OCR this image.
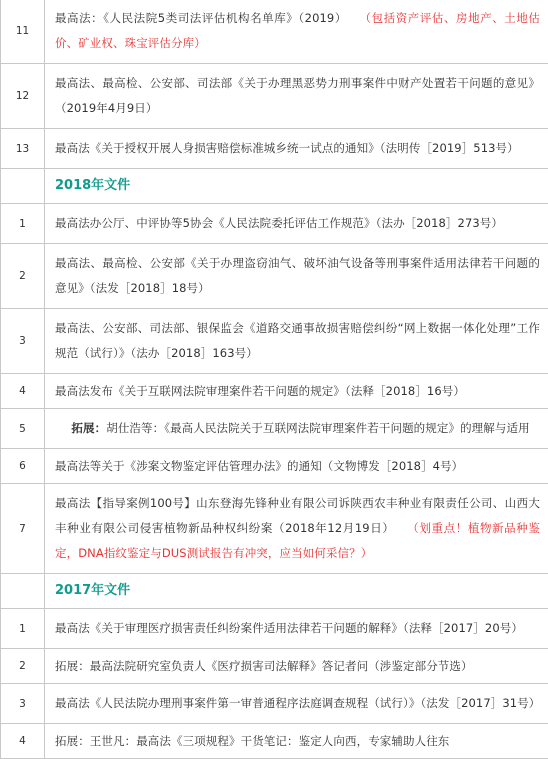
11	最高法：《人民法院5类司法评估机构名单库》（2019）   （包括资产评估、房地产、土地估价、矿业权、珠宝评估分库）
12	最高法、最高检、公安部、司法部《关于办理黑恶势力刑事案件中财产处置若干问题的意见》（2019年4月9日）
13	最高法《关于授权开展人身损害赔偿标准城乡统一试点的通知》（法明传［2019］513号）
	2018年文件
1	最高法办公厅、中评协等5协会《人民法院委托评估工作规范》（法办［2018］273号）
2	最高法、最高检、公安部《关于办理盗窃油气、破坏油气设备等刑事案件适用法律若干问题的意见》（法发［2018］18号）
3	最高法、公安部、司法部、银保监会《道路交通事故损害赔偿纠纷“网上数据一体化处理”工作规范（试行）》（法办［2018］163号）
4	最高法发布《关于互联网法院审理案件若干问题的规定》（法释［2018］16号）
5	拓展：胡仕浩等：《最高人民法院关于互联网法院审理案件若干问题的规定》的理解与适用
6	最高法等关于《涉案文物鉴定评估管理办法》的通知（文物博发［2018］4号）
7	最高法【指导案例100号】山东登海先锋种业有限公司诉陕西农丰种业有限责任公司、山西大丰种业有限公司侵害植物新品种权纠纷案（2018年12月19日）   （划重点！植物新品种鉴定，DNA指纹鉴定与DUS测试报告有冲突，应当如何采信？）
	2017年文件
1	最高法《关于审理医疗损害责任纠纷案件适用法律若干问题的解释》（法释［2017］20号）
2	拓展：最高法院研究室负责人《医疗损害司法解释》答记者问（涉鉴定部分节选）
3	最高法《人民法院办理刑事案件第一审普通程序法庭调查规程（试行）》（法发［2017］31号）
4	拓展：王世凡：最高法《三项规程》干货笔记：鉴定人向西，专家辅助人往东
